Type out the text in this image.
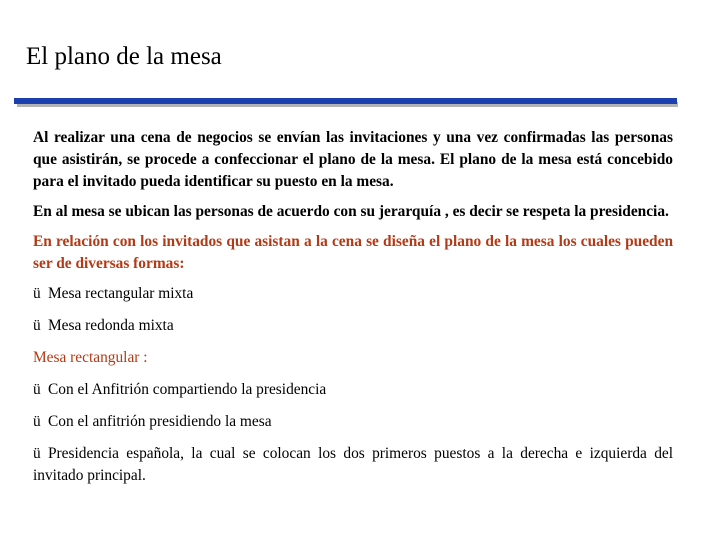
El plano de la mesa

Al realizar una cena de negocios se envían las invitaciones y una vez confirmadas las personas que asistirán, se procede a confeccionar el plano de la mesa. El plano de la mesa está concebido para el invitado pueda identificar su puesto en la mesa.

En al mesa se ubican las personas de acuerdo con su jerarquía , es decir se respeta la presidencia.

En relación con los invitados que asistan a la cena se diseña el plano de la mesa los cuales pueden ser de diversas formas:

ü Mesa rectangular mixta

ü Mesa redonda mixta

Mesa rectangular :

ü Con el Anfitrión compartiendo la presidencia

ü Con el anfitrión presidiendo la mesa

ü Presidencia española, la cual se colocan los dos primeros puestos a la derecha e izquierda del invitado principal.
